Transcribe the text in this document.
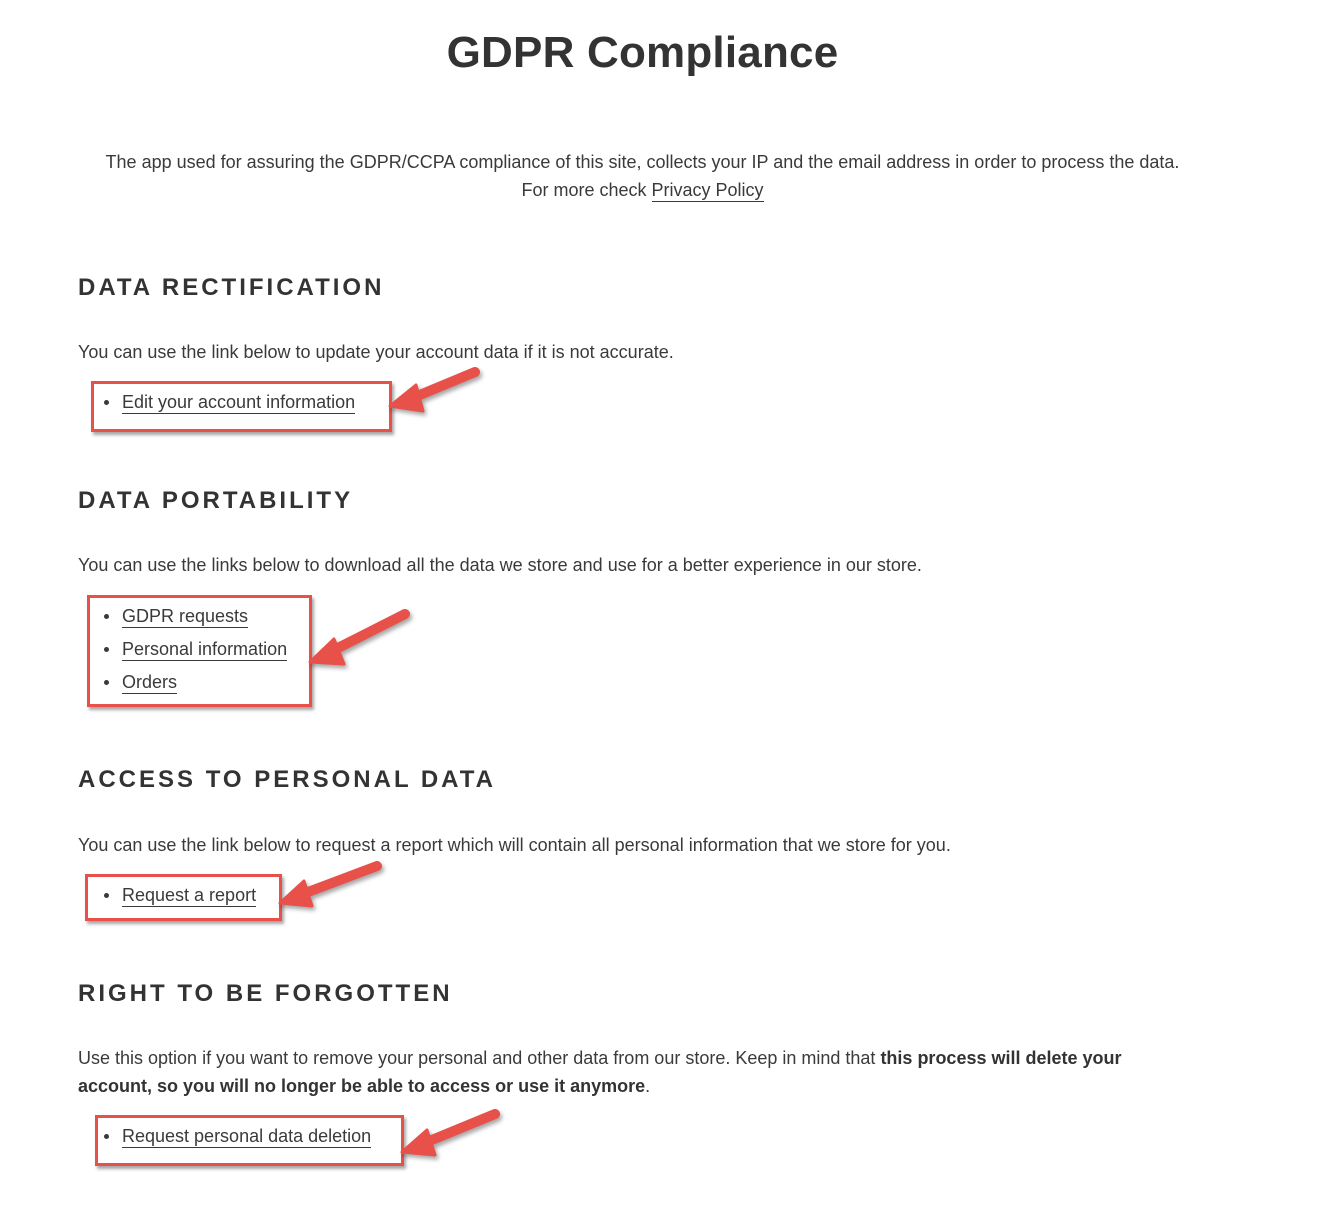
GDPR Compliance
The app used for assuring the GDPR/CCPA compliance of this site, collects your IP and the email address in order to process the data.
For more check Privacy Policy
DATA RECTIFICATION
You can use the link below to update your account data if it is not accurate.
Edit your account information
DATA PORTABILITY
You can use the links below to download all the data we store and use for a better experience in our store.
GDPR requests
Personal information
Orders
ACCESS TO PERSONAL DATA
You can use the link below to request a report which will contain all personal information that we store for you.
Request a report
RIGHT TO BE FORGOTTEN
Use this option if you want to remove your personal and other data from our store. Keep in mind that this process will delete your account, so you will no longer be able to access or use it anymore.
Request personal data deletion
